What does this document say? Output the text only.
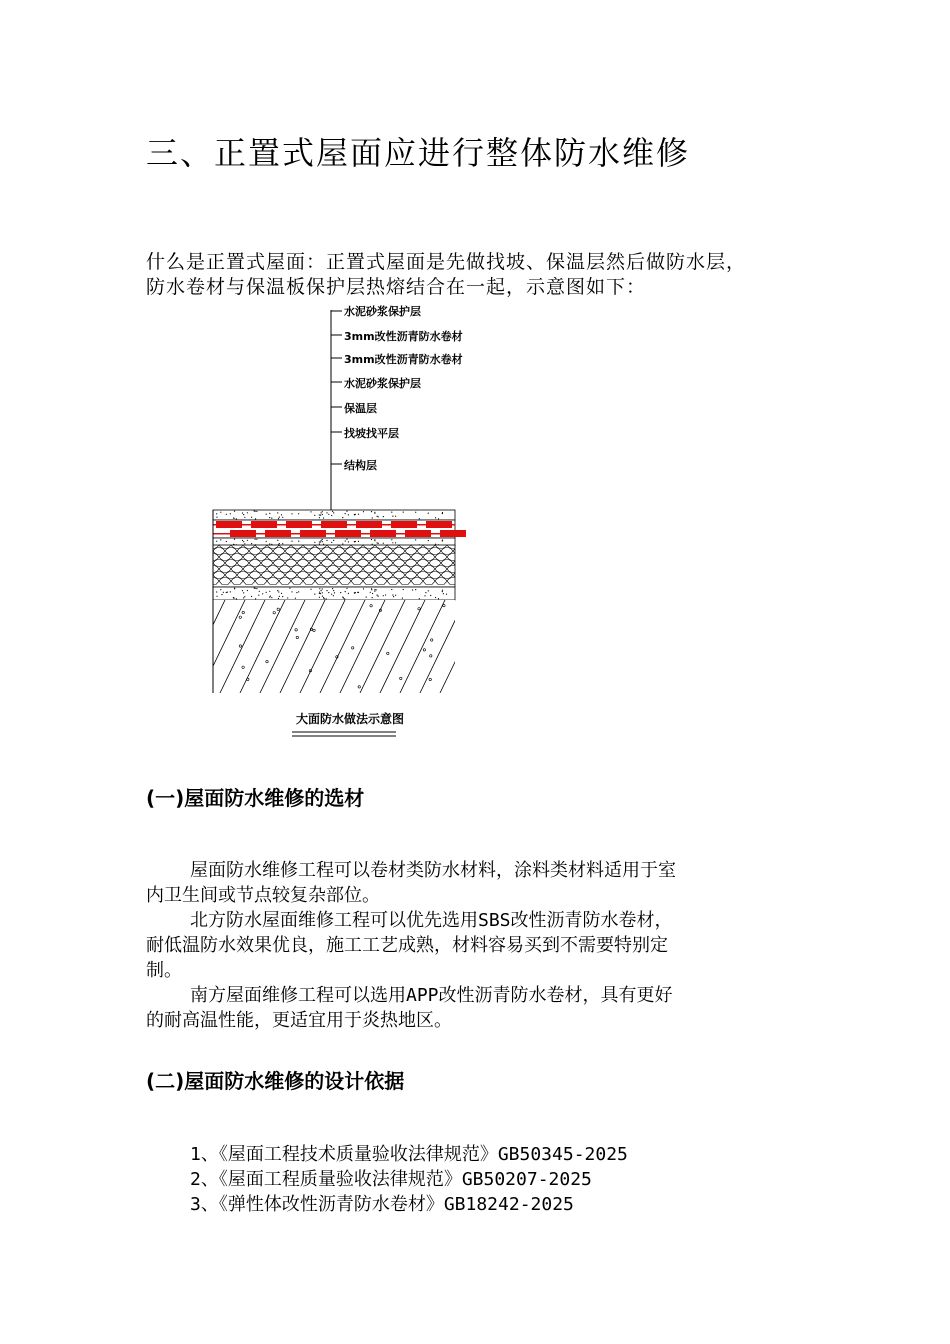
三、正置式屋面应进行整体防水维修
什么是正置式屋面：正置式屋面是先做找坡、保温层然后做防水层，
防水卷材与保温板保护层热熔结合在一起，示意图如下：
水泥砂浆保护层
3mm改性沥青防水卷材
3mm改性沥青防水卷材
水泥砂浆保护层
保温层
找坡找平层
结构层
大面防水做法示意图
(一)屋面防水维修的选材
屋面防水维修工程可以卷材类防水材料，涂料类材料适用于室
内卫生间或节点较复杂部位。
北方防水屋面维修工程可以优先选用SBS改性沥青防水卷材，
耐低温防水效果优良，施工工艺成熟，材料容易买到不需要特别定
制。
南方屋面维修工程可以选用APP改性沥青防水卷材，具有更好
的耐高温性能，更适宜用于炎热地区。
(二)屋面防水维修的设计依据
1、《屋面工程技术质量验收法律规范》GB50345-2025
2、《屋面工程质量验收法律规范》GB50207-2025
3、《弹性体改性沥青防水卷材》GB18242-2025
